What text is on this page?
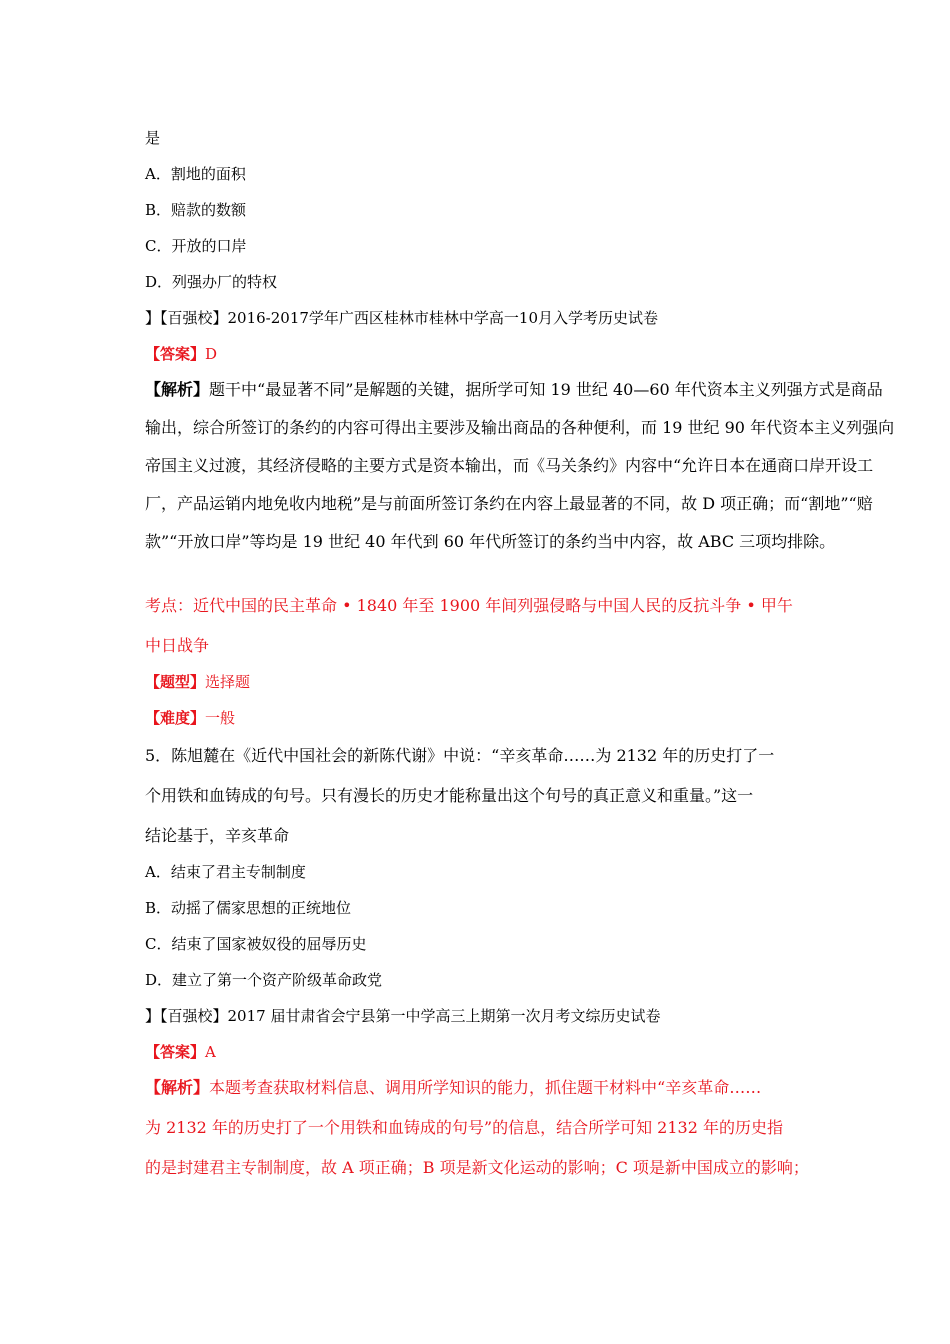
是
A．割地的面积
B．赔款的数额
C．开放的口岸
D．列强办厂的特权
】【百强校】2016-2017学年广西区桂林市桂林中学高一10月入学考历史试卷
【答案】D
【解析】题干中“最显著不同”是解题的关键，据所学可知 19 世纪 40—60 年代资本主义列强方式是商品
输出，综合所签订的条约的内容可得出主要涉及输出商品的各种便利，而 19 世纪 90 年代资本主义列强向
帝国主义过渡，其经济侵略的主要方式是资本输出，而《马关条约》内容中“允许日本在通商口岸开设工
厂，产品运销内地免收内地税”是与前面所签订条约在内容上最显著的不同，故 D 项正确；而“割地”“赔
款”“开放口岸”等均是 19 世纪 40 年代到 60 年代所签订的条约当中内容，故 ABC 三项均排除。
考点：近代中国的民主革命 • 1840 年至 1900 年间列强侵略与中国人民的反抗斗争 • 甲午
中日战争
【题型】选择题
【难度】一般
5．陈旭麓在《近代中国社会的新陈代谢》中说：“辛亥革命……为 2132 年的历史打了一
个用铁和血铸成的句号。只有漫长的历史才能称量出这个句号的真正意义和重量。”这一
结论基于，辛亥革命
A．结束了君主专制制度
B．动摇了儒家思想的正统地位
C．结束了国家被奴役的屈辱历史
D．建立了第一个资产阶级革命政党
】【百强校】2017 届甘肃省会宁县第一中学高三上期第一次月考文综历史试卷
【答案】A
【解析】本题考查获取材料信息、调用所学知识的能力，抓住题干材料中“辛亥革命……
为 2132 年的历史打了一个用铁和血铸成的句号”的信息，结合所学可知 2132 年的历史指
的是封建君主专制制度，故 A 项正确；B 项是新文化运动的影响；C 项是新中国成立的影响；
